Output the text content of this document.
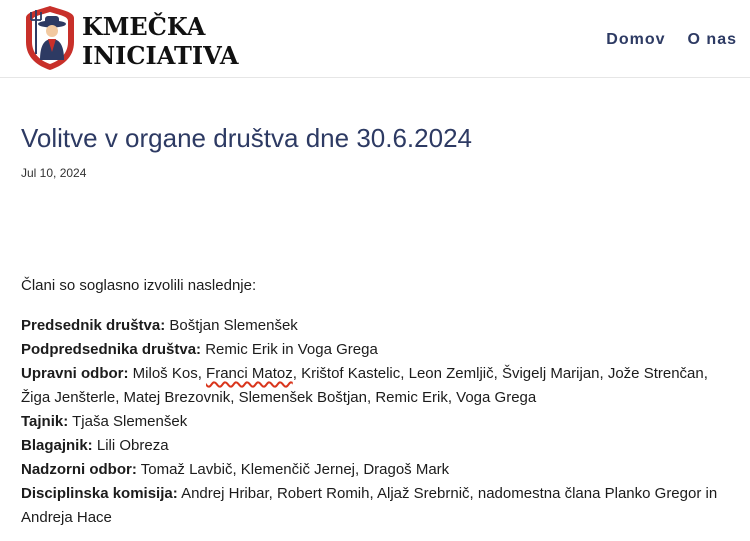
KMEČKA
INICIATIVA
Domov O nas
Volitve v organe društva dne 30.6.2024
Jul 10, 2024
Člani so soglasno izvolili naslednje:
Predsednik društva: Boštjan Slemenšek
Podpredsednika društva: Remic Erik in Voga Grega
Upravni odbor: Miloš Kos, Franci Matoz, Krištof Kastelic, Leon Zemljič, Švigelj Marijan, Jože Strenčan, Žiga Jenšterle, Matej Brezovnik, Slemenšek Boštjan, Remic Erik, Voga Grega
Tajnik: Tjaša Slemenšek
Blagajnik: Lili Obreza
Nadzorni odbor: Tomaž Lavbič, Klemenčič Jernej, Dragoš Mark
Disciplinska komisija: Andrej Hribar, Robert Romih, Aljaž Srebrnič, nadomestna člana Planko Gregor in Andreja Hace
